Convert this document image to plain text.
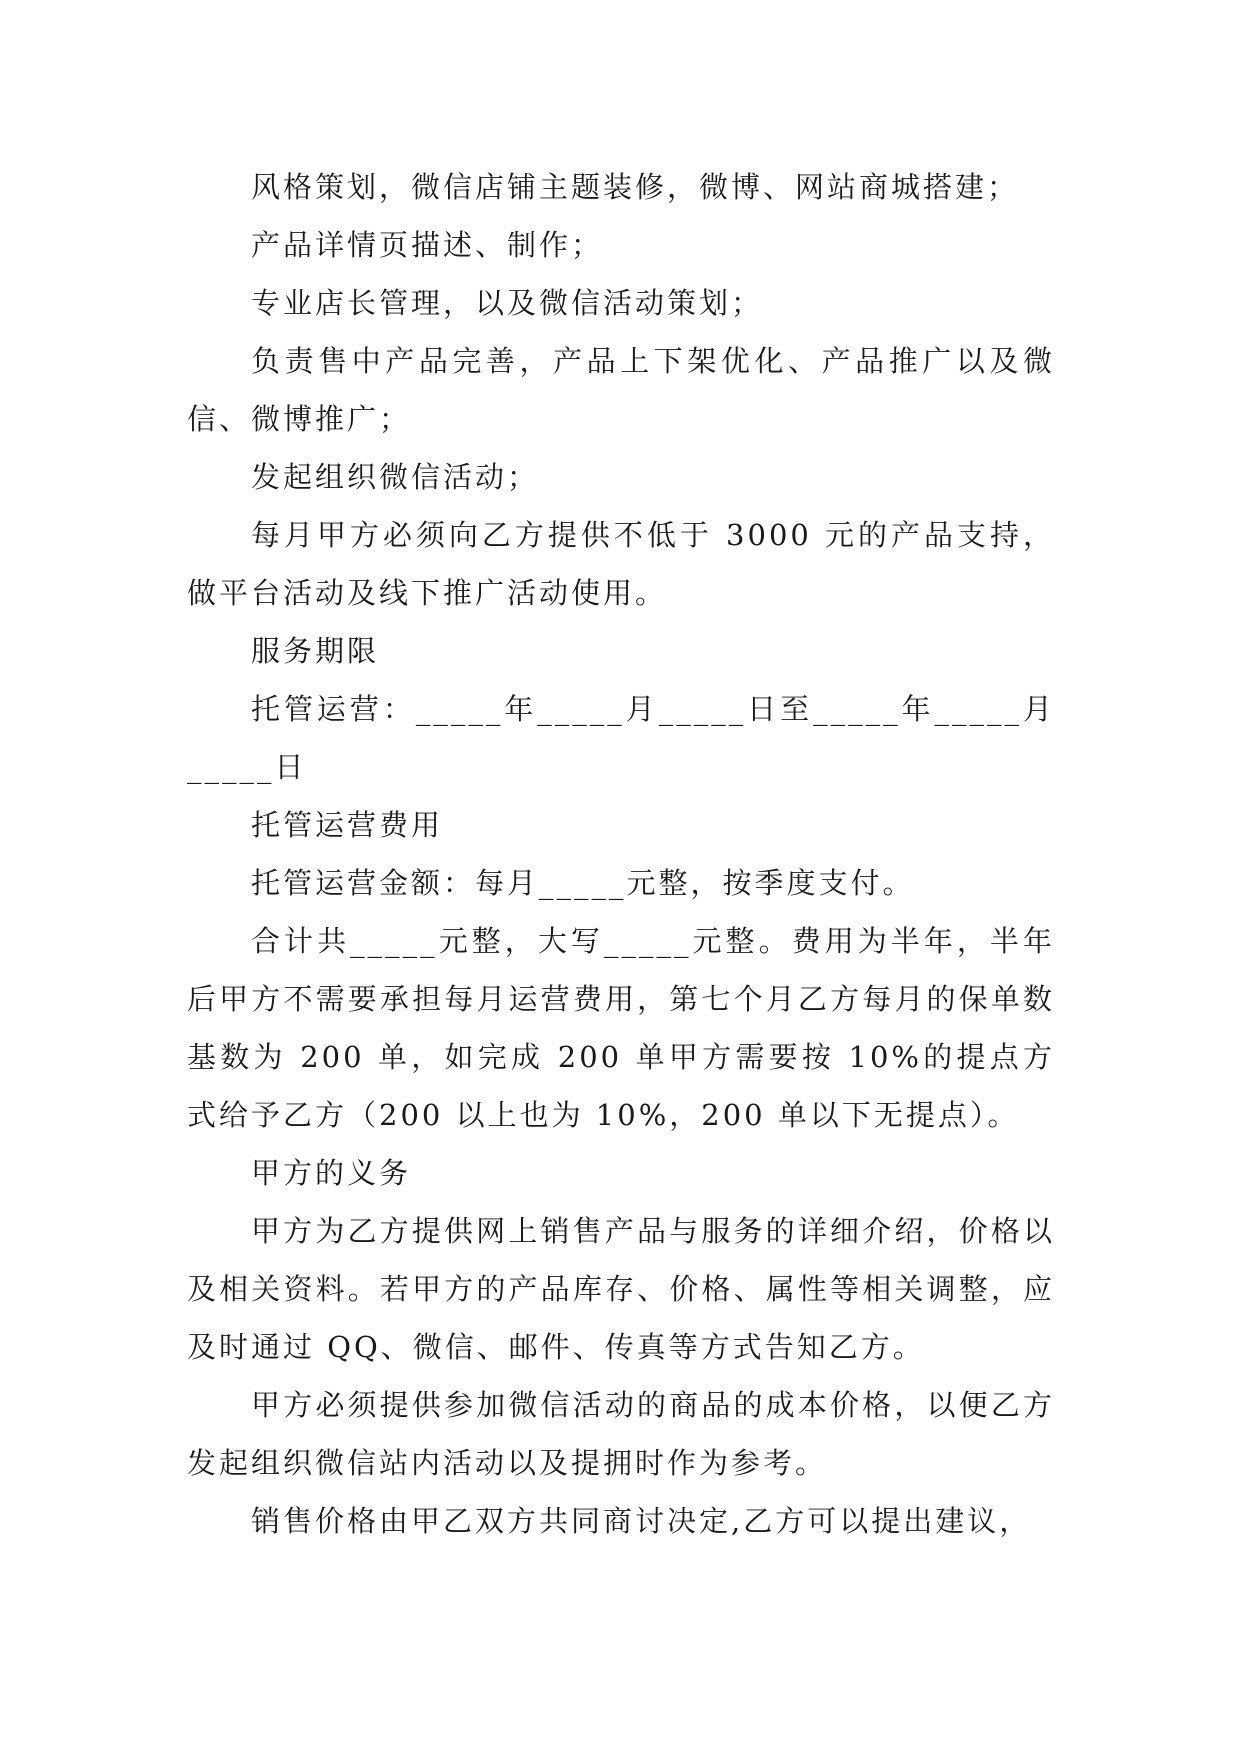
风格策划，微信店铺主题装修，微博、网站商城搭建；

产品详情页描述、制作；

专业店长管理，以及微信活动策划；

负责售中产品完善，产品上下架优化、产品推广以及微信、微博推广；

发起组织微信活动；

每月甲方必须向乙方提供不低于 3000 元的产品支持，做平台活动及线下推广活动使用。

服务期限

托管运营：_____年_____月_____日至_____年_____月_____日

托管运营费用

托管运营金额：每月_____元整，按季度支付。

合计共_____元整，大写_____元整。费用为半年，半年后甲方不需要承担每月运营费用，第七个月乙方每月的保单数基数为 200 单，如完成 200 单甲方需要按 10%的提点方式给予乙方（200 以上也为 10%，200 单以下无提点）。

甲方的义务

甲方为乙方提供网上销售产品与服务的详细介绍，价格以及相关资料。若甲方的产品库存、价格、属性等相关调整，应及时通过 QQ、微信、邮件、传真等方式告知乙方。

甲方必须提供参加微信活动的商品的成本价格，以便乙方发起组织微信站内活动以及提拥时作为参考。

销售价格由甲乙双方共同商讨决定,乙方可以提出建议，
